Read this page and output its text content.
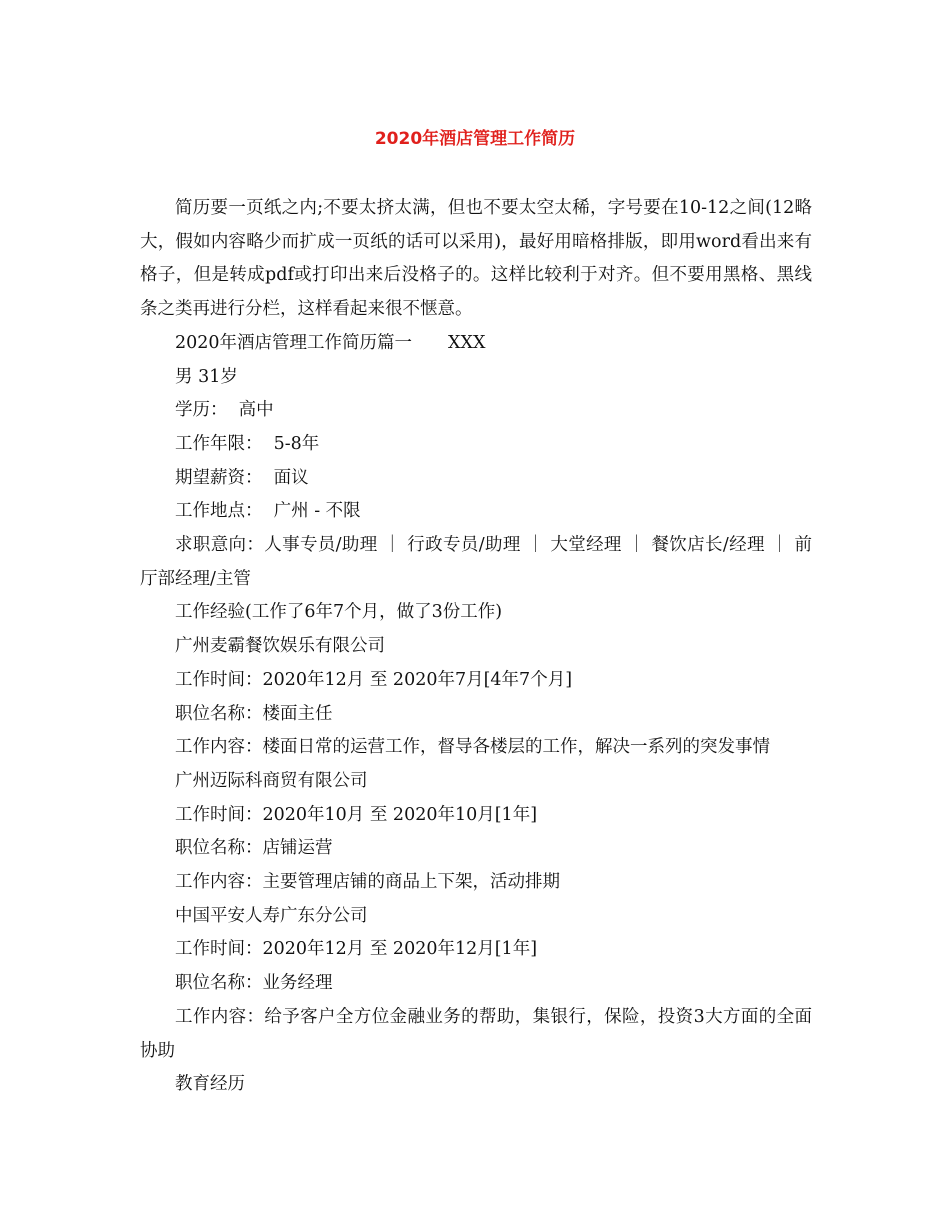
2020年酒店管理工作简历

简历要一页纸之内;不要太挤太满，但也不要太空太稀，字号要在10-12之间(12略大，假如内容略少而扩成一页纸的话可以采用)，最好用暗格排版，即用word看出来有格子，但是转成pdf或打印出来后没格子的。这样比较利于对齐。但不要用黑格、黑线条之类再进行分栏，这样看起来很不惬意。

2020年酒店管理工作简历篇一 XXX

男 31岁

学历：  高中

工作年限：  5-8年

期望薪资：  面议

工作地点：  广州 - 不限

求职意向：人事专员/助理 ｜ 行政专员/助理 ｜ 大堂经理 ｜ 餐饮店长/经理 ｜ 前厅部经理/主管

工作经验(工作了6年7个月，做了3份工作)

广州麦霸餐饮娱乐有限公司

工作时间：2020年12月 至 2020年7月[4年7个月]

职位名称：楼面主任

工作内容：楼面日常的运营工作，督导各楼层的工作，解决一系列的突发事情

广州迈际科商贸有限公司

工作时间：2020年10月 至 2020年10月[1年]

职位名称：店铺运营

工作内容：主要管理店铺的商品上下架，活动排期

中国平安人寿广东分公司

工作时间：2020年12月 至 2020年12月[1年]

职位名称：业务经理

工作内容：给予客户全方位金融业务的帮助，集银行，保险，投资3大方面的全面协助

教育经历
